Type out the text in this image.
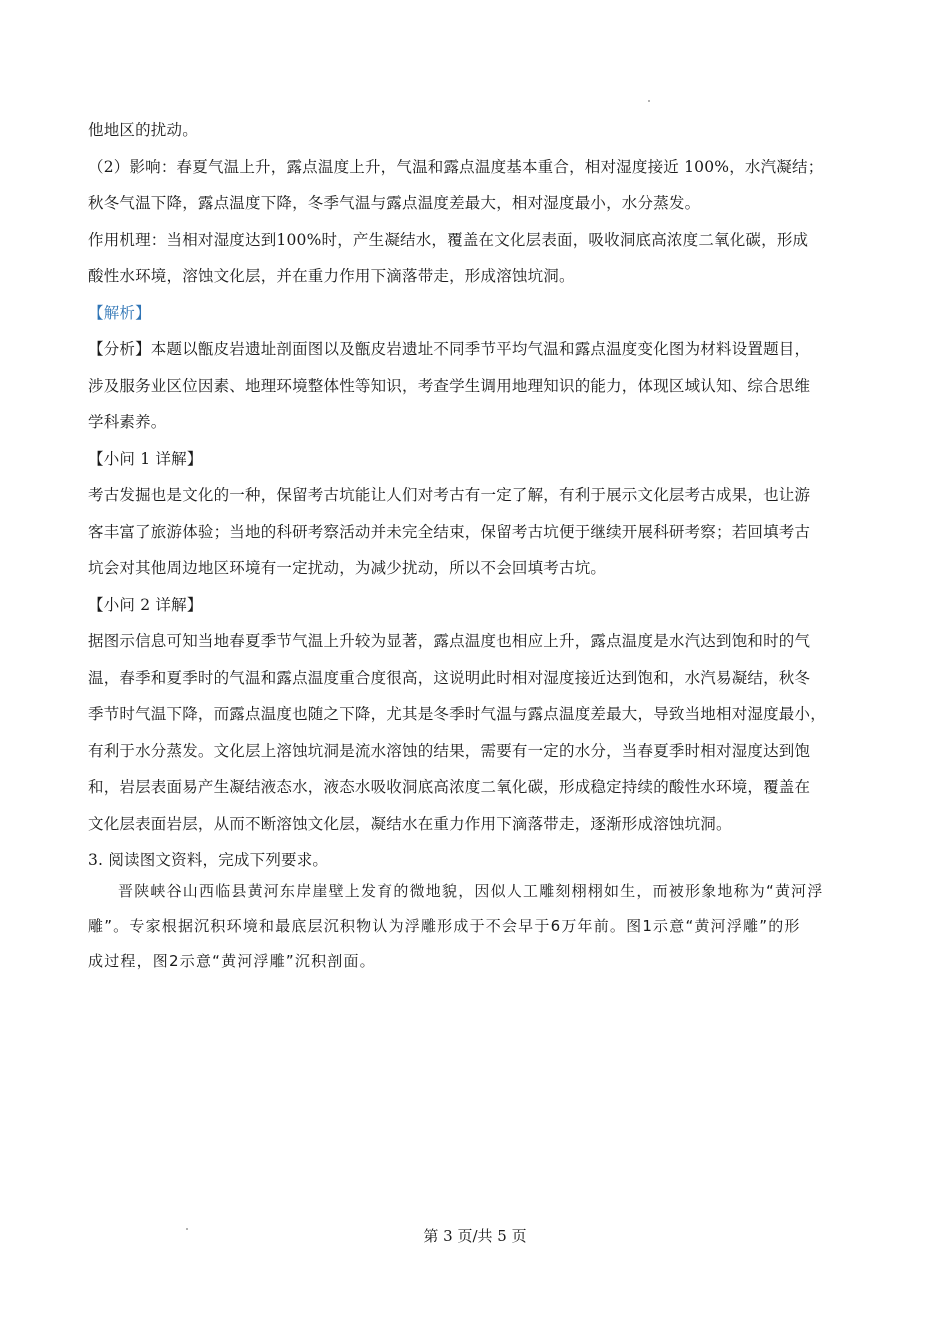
他地区的扰动。
（2）影响：春夏气温上升，露点温度上升，气温和露点温度基本重合，相对湿度接近 100%，水汽凝结；
秋冬气温下降，露点温度下降，冬季气温与露点温度差最大，相对湿度最小，水分蒸发。
作用机理：当相对湿度达到100%时，产生凝结水，覆盖在文化层表面，吸收洞底高浓度二氧化碳，形成
酸性水环境，溶蚀文化层，并在重力作用下滴落带走，形成溶蚀坑洞。
【解析】
【分析】本题以甑皮岩遗址剖面图以及甑皮岩遗址不同季节平均气温和露点温度变化图为材料设置题目，
涉及服务业区位因素、地理环境整体性等知识，考查学生调用地理知识的能力，体现区域认知、综合思维
学科素养。
【小问 1 详解】
考古发掘也是文化的一种，保留考古坑能让人们对考古有一定了解，有利于展示文化层考古成果，也让游
客丰富了旅游体验；当地的科研考察活动并未完全结束，保留考古坑便于继续开展科研考察；若回填考古
坑会对其他周边地区环境有一定扰动，为减少扰动，所以不会回填考古坑。
【小问 2 详解】
据图示信息可知当地春夏季节气温上升较为显著，露点温度也相应上升，露点温度是水汽达到饱和时的气
温，春季和夏季时的气温和露点温度重合度很高，这说明此时相对湿度接近达到饱和，水汽易凝结，秋冬
季节时气温下降，而露点温度也随之下降，尤其是冬季时气温与露点温度差最大，导致当地相对湿度最小，
有利于水分蒸发。文化层上溶蚀坑洞是流水溶蚀的结果，需要有一定的水分，当春夏季时相对湿度达到饱
和，岩层表面易产生凝结液态水，液态水吸收洞底高浓度二氧化碳，形成稳定持续的酸性水环境，覆盖在
文化层表面岩层，从而不断溶蚀文化层，凝结水在重力作用下滴落带走，逐渐形成溶蚀坑洞。
3. 阅读图文资料，完成下列要求。
晋陕峡谷山西临县黄河东岸崖壁上发育的微地貌，因似人工雕刻栩栩如生，而被形象地称为“黄河浮
雕”。专家根据沉积环境和最底层沉积物认为浮雕形成于不会早于6万年前。图1示意“黄河浮雕”的形
成过程，图2示意“黄河浮雕”沉积剖面。
第 3 页/共 5 页
